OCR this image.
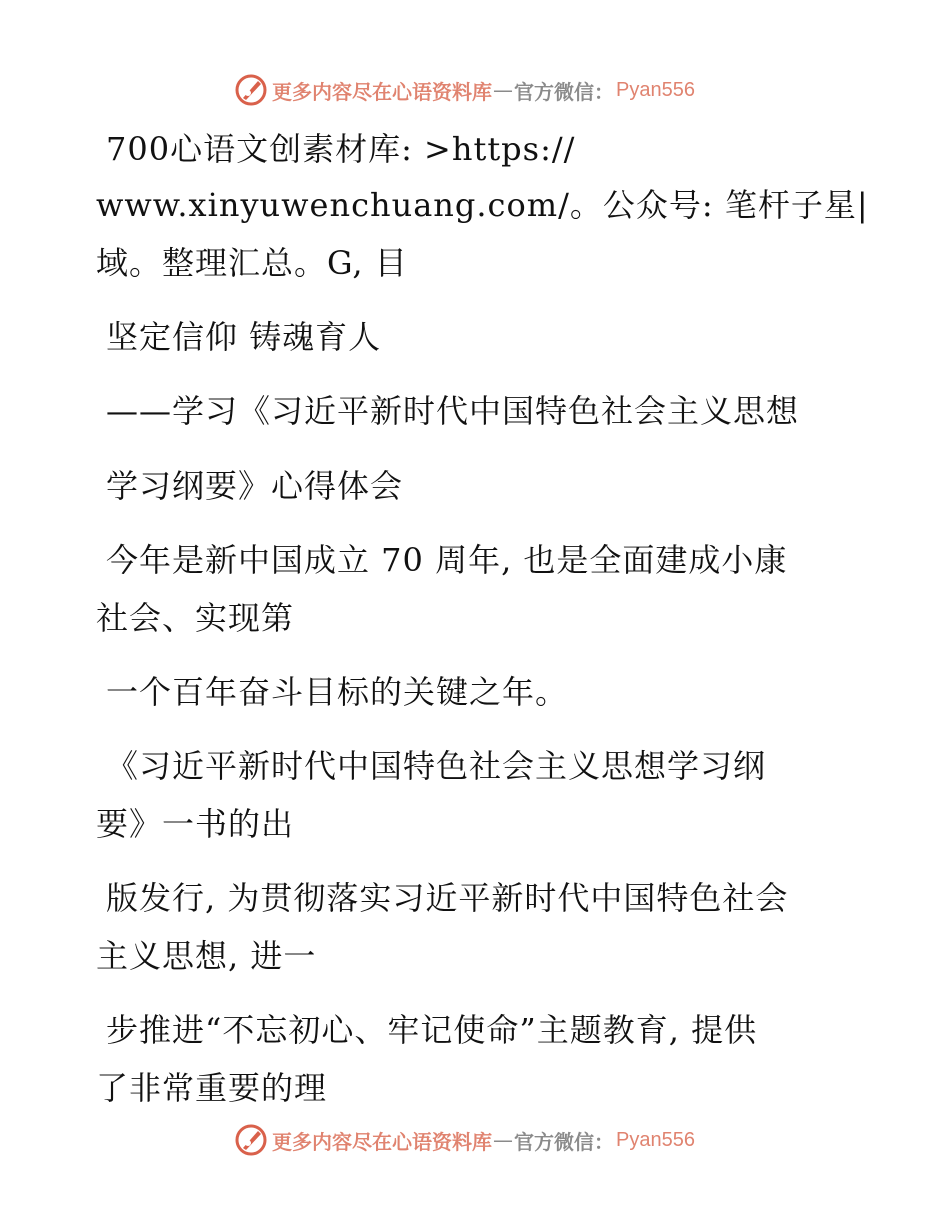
更多内容尽在心语资料库 — 官方微信： Pyan556
700心语文创素材库: >https://
www.xinyuwenchuang.com/。公众号: 笔杆子星|
域。整理汇总。G, 目
坚定信仰 铸魂育人
——学习《习近平新时代中国特色社会主义思想
学习纲要》心得体会
今年是新中国成立 70 周年, 也是全面建成小康
社会、实现第
一个百年奋斗目标的关键之年。
《习近平新时代中国特色社会主义思想学习纲
要》一书的出
版发行, 为贯彻落实习近平新时代中国特色社会
主义思想, 进一
步推进“不忘初心、牢记使命”主题教育, 提供
了非常重要的理
更多内容尽在心语资料库 — 官方微信： Pyan556
